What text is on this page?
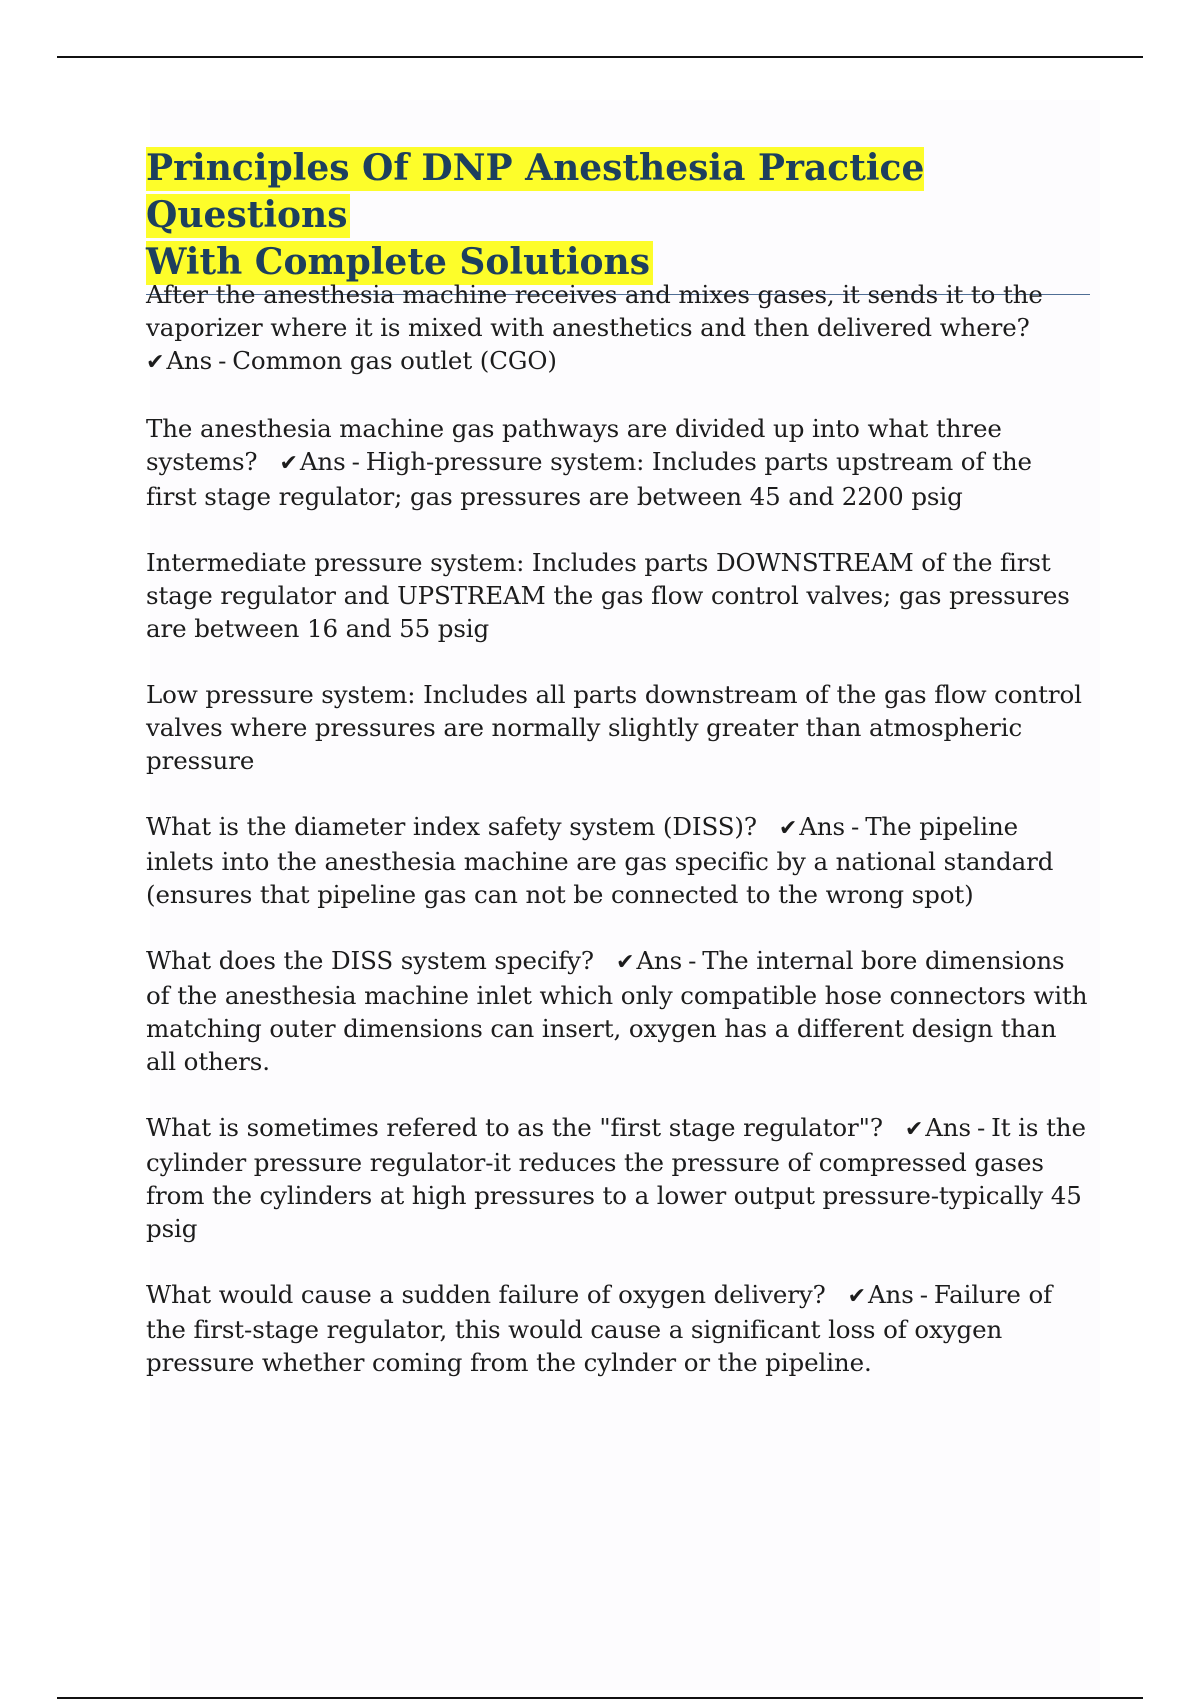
Principles Of DNP Anesthesia Practice Questions
With Complete Solutions

After the anesthesia machine receives and mixes gases, it sends it to the vaporizer where it is mixed with anesthetics and then delivered where?
✔Ans - Common gas outlet (CGO)

The anesthesia machine gas pathways are divided up into what three systems? ✔Ans - High-pressure system: Includes parts upstream of the first stage regulator; gas pressures are between 45 and 2200 psig

Intermediate pressure system: Includes parts DOWNSTREAM of the first stage regulator and UPSTREAM the gas flow control valves; gas pressures are between 16 and 55 psig

Low pressure system: Includes all parts downstream of the gas flow control valves where pressures are normally slightly greater than atmospheric pressure

What is the diameter index safety system (DISS)? ✔Ans - The pipeline inlets into the anesthesia machine are gas specific by a national standard (ensures that pipeline gas can not be connected to the wrong spot)

What does the DISS system specify? ✔Ans - The internal bore dimensions of the anesthesia machine inlet which only compatible hose connectors with matching outer dimensions can insert, oxygen has a different design than all others.

What is sometimes refered to as the "first stage regulator"? ✔Ans - It is the cylinder pressure regulator-it reduces the pressure of compressed gases from the cylinders at high pressures to a lower output pressure-typically 45 psig

What would cause a sudden failure of oxygen delivery? ✔Ans - Failure of the first-stage regulator, this would cause a significant loss of oxygen pressure whether coming from the cylnder or the pipeline.
